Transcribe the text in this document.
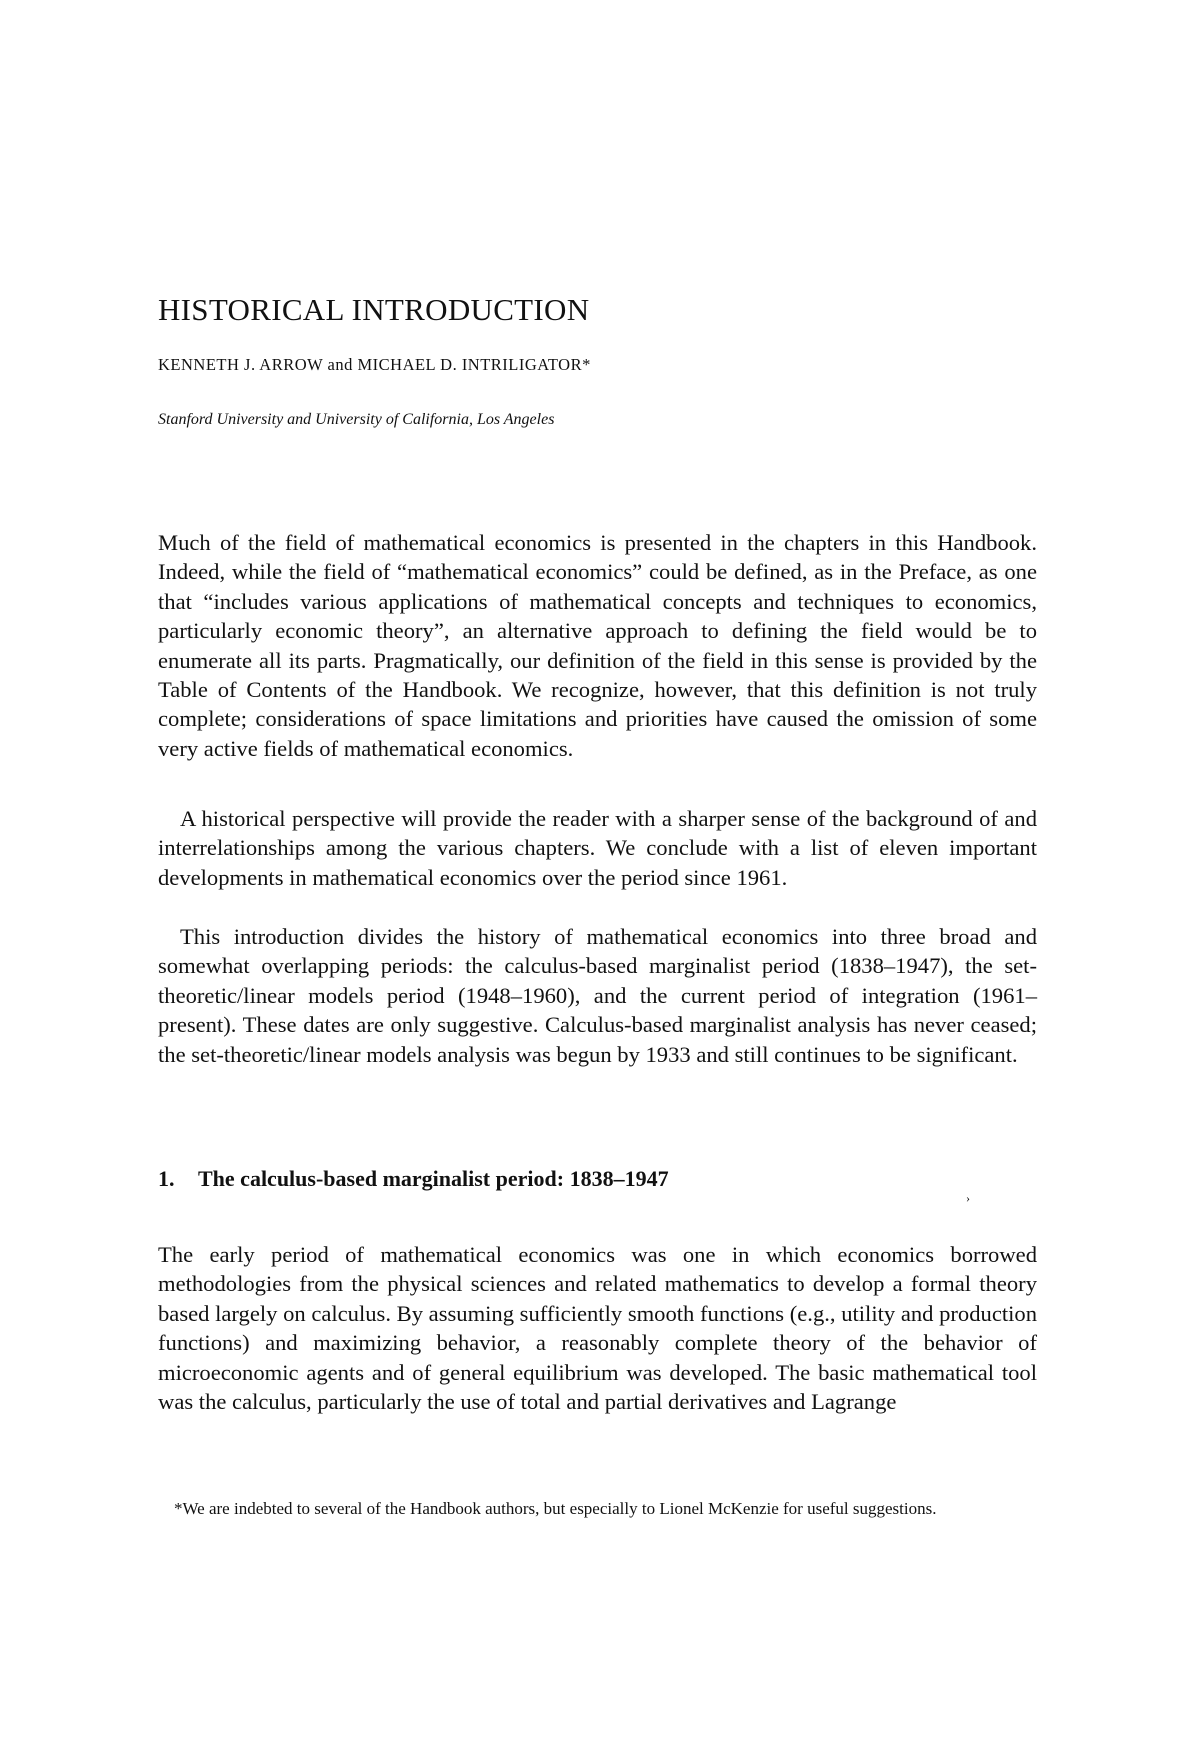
HISTORICAL INTRODUCTION

KENNETH J. ARROW and MICHAEL D. INTRILIGATOR*

Stanford University and University of California, Los Angeles

Much of the field of mathematical economics is presented in the chapters in this Handbook. Indeed, while the field of “mathematical economics” could be defined, as in the Preface, as one that “includes various applications of mathematical concepts and techniques to economics, particularly economic theory”, an alternative approach to defining the field would be to enumerate all its parts. Pragmatically, our definition of the field in this sense is provided by the Table of Contents of the Handbook. We recognize, however, that this definition is not truly complete; considerations of space limitations and priorities have caused the omission of some very active fields of mathematical economics.

A historical perspective will provide the reader with a sharper sense of the background of and interrelationships among the various chapters. We conclude with a list of eleven important developments in mathematical economics over the period since 1961.

This introduction divides the history of mathematical economics into three broad and somewhat overlapping periods: the calculus-based marginalist period (1838–1947), the set-theoretic/linear models period (1948–1960), and the current period of integration (1961–present). These dates are only suggestive. Calculus-based marginalist analysis has never ceased; the set-theoretic/linear models analysis was begun by 1933 and still continues to be significant.

1. The calculus-based marginalist period: 1838–1947
›

The early period of mathematical economics was one in which economics borrowed methodologies from the physical sciences and related mathematics to develop a formal theory based largely on calculus. By assuming sufficiently smooth functions (e.g., utility and production functions) and maximizing behavior, a reasonably complete theory of the behavior of microeconomic agents and of general equilibrium was developed. The basic mathematical tool was the calculus, particularly the use of total and partial derivatives and Lagrange

*We are indebted to several of the Handbook authors, but especially to Lionel McKenzie for useful suggestions.
